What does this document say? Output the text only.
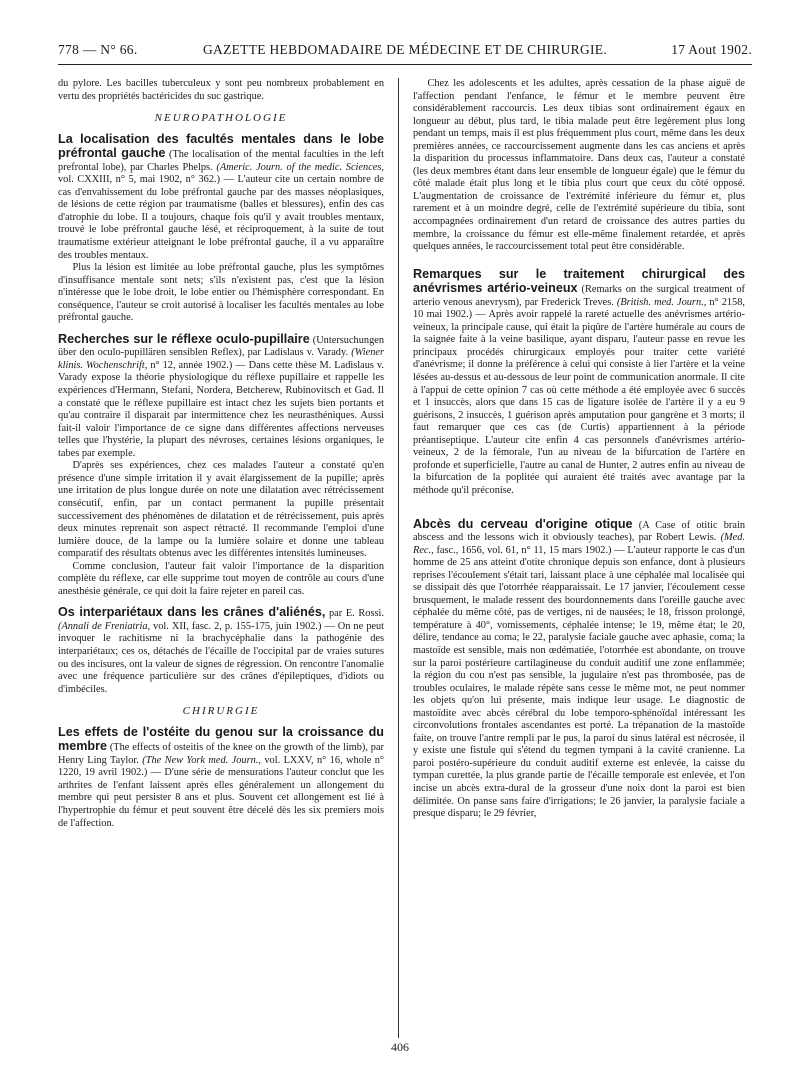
778 — N° 66.	GAZETTE HEBDOMADAIRE DE MÉDECINE ET DE CHIRURGIE.	17 Aout 1902.

du pylore. Les bacilles tuberculeux y sont peu nombreux probablement en vertu des propriétés bactéricides du suc gastrique.

NEUROPATHOLOGIE

La localisation des facultés mentales dans le lobe préfrontal gauche (The localisation of the mental faculties in the left prefrontal lobe), par Charles Phelps. (Americ. Journ. of the medic. Sciences, vol. CXXIII, n° 5, mai 1902, n° 362.) — L'auteur cite un certain nombre de cas d'envahissement du lobe préfrontal gauche par des masses néoplasiques, de lésions de cette région par traumatisme (balles et blessures), enfin des cas d'atrophie du lobe. Il a toujours, chaque fois qu'il y avait troubles mentaux, trouvé le lobe préfrontal gauche lésé, et réciproquement, à la suite de tout traumatisme extérieur atteignant le lobe préfrontal gauche, il a vu apparaître des troubles mentaux.

Plus la lésion est limitée au lobe préfrontal gauche, plus les symptômes d'insuffisance mentale sont nets; s'ils n'existent pas, c'est que la lésion n'intéresse que le lobe droit, le lobe entier ou l'hémisphère correspondant. En conséquence, l'auteur se croit autorisé à localiser les facultés mentales au lobe préfrontal gauche.

Recherches sur le réflexe oculo-pupillaire (Untersuchungen über den oculo-pupillären sensiblen Reflex), par Ladislaus v. Varady. (Wiener klinis. Wochenschrift, n° 12, année 1902.) — Dans cette thèse M. Ladislaus v. Varady expose la théorie physiologique du réflexe pupillaire et rappelle les expériences d'Hermann, Stefani, Nordera, Betcherew, Rubinovitsch et Gad. Il a constaté que le réflexe pupillaire est intact chez les sujets bien portants et qu'au contraire il disparait par intermittence chez les neurasthéniques. Aussi fait-il valoir l'importance de ce signe dans différentes affections nerveuses telles que l'hystérie, la plupart des névroses, certaines lésions organiques, le tabes par exemple.

D'après ses expériences, chez ces malades l'auteur a constaté qu'en présence d'une simple irritation il y avait élargissement de la pupille; après une irritation de plus longue durée on note une dilatation avec rétrécissement consécutif, enfin, par un contact permanent la pupille présentait successivement des phénomènes de dilatation et de rétrécissement, puis après deux minutes reprenait son aspect rétracté. Il recommande l'emploi d'une lumière douce, de la lampe ou la lumière solaire et donne une tableau comparatif des résultats obtenus avec les différentes intensités lumineuses.

Comme conclusion, l'auteur fait valoir l'importance de la disparition complète du réflexe, car elle supprime tout moyen de contrôle au cours d'une anesthésie générale, ce qui doit la faire rejeter en pareil cas.

Os interpariétaux dans les crânes d'aliénés, par E. Rossi. (Annali de Freniatria, vol. XII, fasc. 2, p. 155-175, juin 1902.) — On ne peut invoquer le rachitisme ni la brachycéphalie dans la pathogénie des interpariétaux; ces os, détachés de l'écaille de l'occipital par de vraies sutures ou des incisures, ont la valeur de signes de régression. On rencontre l'anomalie avec une fréquence particulière sur des crânes d'épileptiques, d'idiots ou d'imbéciles.

CHIRURGIE

Les effets de l'ostéite du genou sur la croissance du membre (The effects of osteitis of the knee on the growth of the limb), par Henry Ling Taylor. (The New York med. Journ., vol. LXXV, n° 16, whole n° 1220, 19 avril 1902.) — D'une série de mensurations l'auteur conclut que les arthrites de l'enfant laissent après elles généralement un allongement du membre qui peut persister 8 ans et plus. Souvent cet allongement est lié à l'hypertrophie du fémur et peut souvent être décelé dès les six premiers mois de l'affection.

Chez les adolescents et les adultes, après cessation de la phase aiguë de l'affection pendant l'enfance, le fémur et le membre peuvent être considérablement raccourcis. Les deux tibias sont ordinairement égaux en longueur au début, plus tard, le tibia malade peut être legèrement plus long pendant un temps, mais il est plus fréquemment plus court, même dans les deux premières années, ce raccourcissement augmente dans les cas anciens et après la disparition du processus inflammatoire. Dans deux cas, l'auteur a constaté (les deux membres étant dans leur ensemble de longueur égale) que le fémur du côté malade était plus long et le tibia plus court que ceux du côté opposé. L'augmentation de croissance de l'extrémité inférieure du fémur et, plus rarement et à un moindre degré, celle de l'extrémité supérieure du tibia, sont accompagnées ordinairement d'un retard de croissance des autres parties du membre, la croissance du fémur est elle-même finalement retardée, et après quelques années, le raccourcissement total peut être considérable.

Remarques sur le traitement chirurgical des anévrismes artério-veineux (Remarks on the surgical treatment of arterio venous anevrysm), par Frederick Treves. (British. med. Journ., n° 2158, 10 mai 1902.) — Après avoir rappelé la rareté actuelle des anévrismes artério-veineux, la principale cause, qui était la piqûre de l'artère humérale au cours de la saignée faite à la veine basilique, ayant disparu, l'auteur passe en revue les principaux procédés chirurgicaux employés pour traiter cette variété d'anévrisme; il donne la préférence à celui qui consiste à lier l'artère et la veine lésées au-dessus et au-dessous de leur point de communication anormale. Il cite à l'appui de cette opinion 7 cas où cette méthode a été employée avec 6 succès et 1 insuccès, alors que dans 15 cas de ligature isolée de l'artère il y a eu 9 guérisons, 2 insuccès, 1 guérison après amputation pour gangrène et 3 morts; il faut remarquer que ces cas (de Curtis) appartiennent à la période préantiseptique. L'auteur cite enfin 4 cas personnels d'anévrismes artério-veineux, 2 de la fémorale, l'un au niveau de la bifurcation de l'artère en profonde et superficielle, l'autre au canal de Hunter, 2 autres enfin au niveau de la bifurcation de la poplitée qui auraient été traités avec avantage par la méthode qu'il préconise.

Abcès du cerveau d'origine otique (A Case of otitic brain abscess and the lessons wich it obviously teaches), par Robert Lewis. (Med. Rec., fasc., 1656, vol. 61, n° 11, 15 mars 1902.) — L'auteur rapporte le cas d'un homme de 25 ans atteint d'otite chronique depuis son enfance, dont à plusieurs reprises l'écoulement s'était tari, laissant place à une céphalée mal localisée qui se dissipait dès que l'otorrhée réapparaissait. Le 17 janvier, l'écoulement cesse brusquement, le malade ressent des bourdonnements dans l'oreille gauche avec céphalée du même côté, pas de vertiges, ni de nausées; le 18, frisson prolongé, température à 40°, vomissements, céphalée intense; le 19, même état; le 20, délire, tendance au coma; le 22, paralysie faciale gauche avec aphasie, coma; la mastoïde est sensible, mais non œdématiée, l'otorrhée est abondante, on trouve sur la paroi postérieure cartilagineuse du conduit auditif une zone enflammée; la région du cou n'est pas sensible, la jugulaire n'est pas thrombosée, pas de troubles oculaires, le malade répète sans cesse le même mot, ne peut nommer les objets qu'on lui présente, mais indique leur usage. Le diagnostic de mastoïdite avec abcès cérébral du lobe temporo-sphénoïdal intéressant les circonvolutions frontales ascendantes est porté. La trépanation de la mastoïde faite, on trouve l'antre rempli par le pus, la paroi du sinus latéral est nécrosée, il y existe une fistule qui s'étend du tegmen tympani à la cavité cranienne. La paroi postéro-supérieure du conduit auditif externe est enlevée, la caisse du tympan curettée, la plus grande partie de l'écaille temporale est enlevée, et l'on incise un abcès extra-dural de la grosseur d'une noix dont la paroi est bien délimitée. On panse sans faire d'irrigations; le 26 janvier, la paralysie faciale a presque disparu; le 29 février,

406
